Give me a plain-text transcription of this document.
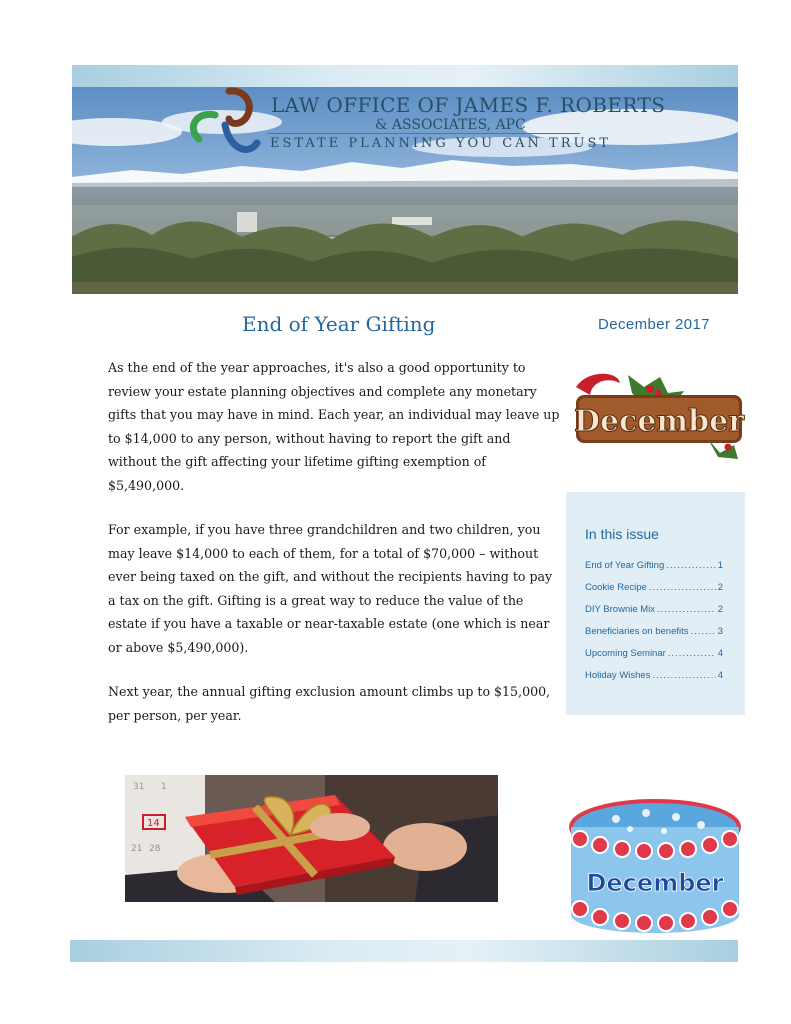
LAW OFFICE OF JAMES F. ROBERTS
& ASSOCIATES, APC
ESTATE PLANNING YOU CAN TRUST
End of Year Gifting	December 2017

As the end of the year approaches, it's also a good opportunity to review your estate planning objectives and complete any monetary gifts that you may have in mind. Each year, an individual may leave up to $14,000 to any person, without having to report the gift and without the gift affecting your lifetime gifting exemption of $5,490,000.

For example, if you have three grandchildren and two children, you may leave $14,000 to each of them, for a total of $70,000 – without ever being taxed on the gift, and without the recipients having to pay a tax on the gift. Gifting is a great way to reduce the value of the estate if you have a taxable or near-taxable estate (one which is near or above $5,490,000).

Next year, the annual gifting exclusion amount climbs up to $15,000, per person, per year.

December
In this issue
End of Year Gifting .....	1
Cookie Recipe .....	2
DIY Brownie Mix .....	2
Beneficiaries on benefits .....	3
Upcoming Seminar .....	4
Holiday Wishes .....	4
31 1
14
21 28
December
